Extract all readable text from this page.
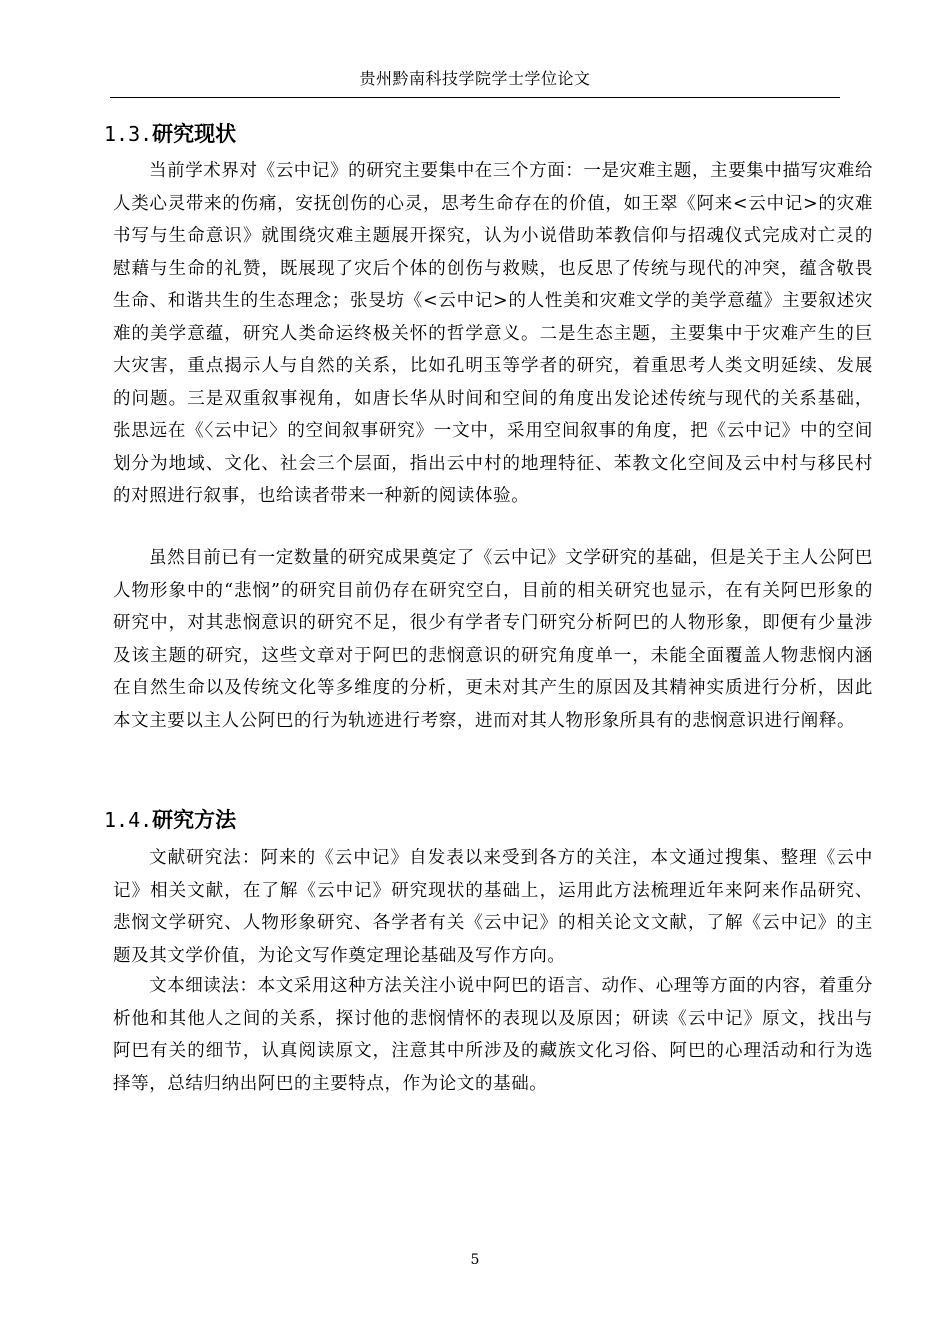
贵州黔南科技学院学士学位论文
1.3.研究现状

当前学术界对《云中记》的研究主要集中在三个方面：一是灾难主题，主要集中描写灾难给人类心灵带来的伤痛，安抚创伤的心灵，思考生命存在的价值，如王翠《阿来<云中记>的灾难书写与生命意识》就围绕灾难主题展开探究，认为小说借助苯教信仰与招魂仪式完成对亡灵的慰藉与生命的礼赞，既展现了灾后个体的创伤与救赎，也反思了传统与现代的冲突，蕴含敬畏生命、和谐共生的生态理念；张旻坊《<云中记>的人性美和灾难文学的美学意蕴》主要叙述灾难的美学意蕴，研究人类命运终极关怀的哲学意义。二是生态主题，主要集中于灾难产生的巨大灾害，重点揭示人与自然的关系，比如孔明玉等学者的研究，着重思考人类文明延续、发展的问题。三是双重叙事视角，如唐长华从时间和空间的角度出发论述传统与现代的关系基础，张思远在《〈云中记〉的空间叙事研究》一文中，采用空间叙事的角度，把《云中记》中的空间划分为地域、文化、社会三个层面，指出云中村的地理特征、苯教文化空间及云中村与移民村的对照进行叙事，也给读者带来一种新的阅读体验。

虽然目前已有一定数量的研究成果奠定了《云中记》文学研究的基础，但是关于主人公阿巴人物形象中的“悲悯”的研究目前仍存在研究空白，目前的相关研究也显示，在有关阿巴形象的研究中，对其悲悯意识的研究不足，很少有学者专门研究分析阿巴的人物形象，即便有少量涉及该主题的研究，这些文章对于阿巴的悲悯意识的研究角度单一，未能全面覆盖人物悲悯内涵在自然生命以及传统文化等多维度的分析，更未对其产生的原因及其精神实质进行分析，因此本文主要以主人公阿巴的行为轨迹进行考察，进而对其人物形象所具有的悲悯意识进行阐释。

1.4.研究方法

文献研究法：阿来的《云中记》自发表以来受到各方的关注，本文通过搜集、整理《云中记》相关文献，在了解《云中记》研究现状的基础上，运用此方法梳理近年来阿来作品研究、悲悯文学研究、人物形象研究、各学者有关《云中记》的相关论文文献，了解《云中记》的主题及其文学价值，为论文写作奠定理论基础及写作方向。

文本细读法：本文采用这种方法关注小说中阿巴的语言、动作、心理等方面的内容，着重分析他和其他人之间的关系，探讨他的悲悯情怀的表现以及原因；研读《云中记》原文，找出与阿巴有关的细节，认真阅读原文，注意其中所涉及的藏族文化习俗、阿巴的心理活动和行为选择等，总结归纳出阿巴的主要特点，作为论文的基础。

5
